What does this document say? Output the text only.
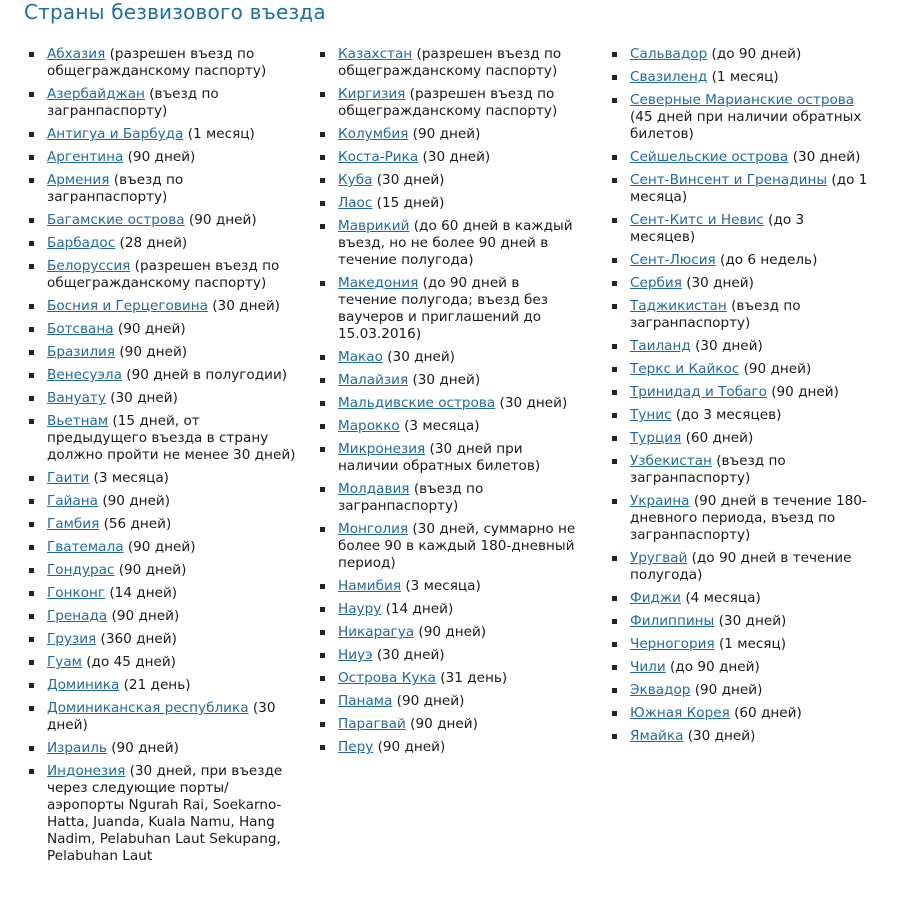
Страны безвизового въезда
Абхазия (разрешен въезд по общегражданскому паспорту)
Азербайджан (въезд по загранпаспорту)
Антигуа и Барбуда (1 месяц)
Аргентина (90 дней)
Армения (въезд по загранпаспорту)
Багамские острова (90 дней)
Барбадос (28 дней)
Белоруссия (разрешен въезд по общегражданскому паспорту)
Босния и Герцеговина (30 дней)
Ботсвана (90 дней)
Бразилия (90 дней)
Венесуэла (90 дней в полугодии)
Вануату (30 дней)
Вьетнам (15 дней, от предыдущего въезда в страну должно пройти не менее 30 дней)
Гаити (3 месяца)
Гайана (90 дней)
Гамбия (56 дней)
Гватемала (90 дней)
Гондурас (90 дней)
Гонконг (14 дней)
Гренада (90 дней)
Грузия (360 дней)
Гуам (до 45 дней)
Доминика (21 день)
Доминиканская республика (30 дней)
Израиль (90 дней)
Индонезия (30 дней, при въезде через следующие порты/ аэропорты Ngurah Rai, Soekarno-Hatta, Juanda, Kuala Namu, Hang Nadim, Pelabuhan Laut Sekupang, Pelabuhan Laut
Казахстан (разрешен въезд по общегражданскому паспорту)
Киргизия (разрешен въезд по общегражданскому паспорту)
Колумбия (90 дней)
Коста-Рика (30 дней)
Куба (30 дней)
Лаос (15 дней)
Маврикий (до 60 дней в каждый въезд, но не более 90 дней в течение полугода)
Македония (до 90 дней в течение полугода; въезд без ваучеров и приглашений до 15.03.2016)
Макао (30 дней)
Малайзия (30 дней)
Мальдивские острова (30 дней)
Марокко (3 месяца)
Микронезия (30 дней при наличии обратных билетов)
Молдавия (въезд по загранпаспорту)
Монголия (30 дней, суммарно не более 90 в каждый 180-дневный период)
Намибия (3 месяца)
Науру (14 дней)
Никарагуа (90 дней)
Ниуэ (30 дней)
Острова Кука (31 день)
Панама (90 дней)
Парагвай (90 дней)
Перу (90 дней)
Сальвадор (до 90 дней)
Свазиленд (1 месяц)
Северные Марианские острова (45 дней при наличии обратных билетов)
Сейшельские острова (30 дней)
Сент-Винсент и Гренадины (до 1 месяца)
Сент-Китс и Невис (до 3 месяцев)
Сент-Люсия (до 6 недель)
Сербия (30 дней)
Таджикистан (въезд по загранпаспорту)
Таиланд (30 дней)
Теркс и Кайкос (90 дней)
Тринидад и Тобаго (90 дней)
Тунис (до 3 месяцев)
Турция (60 дней)
Узбекистан (въезд по загранпаспорту)
Украина (90 дней в течение 180-дневного периода, въезд по загранпаспорту)
Уругвай (до 90 дней в течение полугода)
Фиджи (4 месяца)
Филиппины (30 дней)
Черногория (1 месяц)
Чили (до 90 дней)
Эквадор (90 дней)
Южная Корея (60 дней)
Ямайка (30 дней)
